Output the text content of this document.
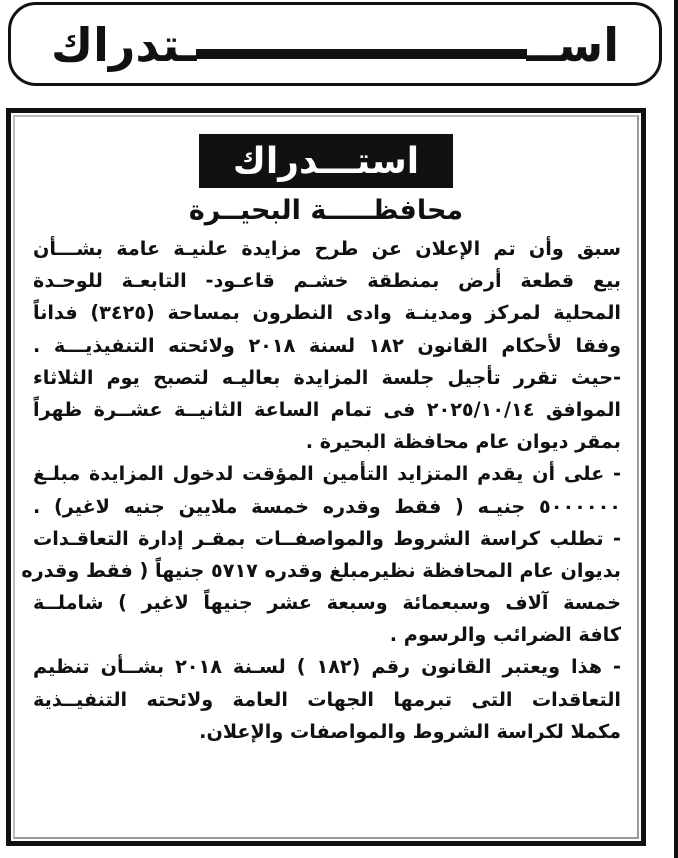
اســ
ـتدراك
استـــدراك
محافظـــــة البحيــرة
سبق وأن تم الإعلان عن طرح مزايدة علنيـة عامة بشـــأن
بيع قطعة أرض بمنطقة خشـم قاعـود- التابعـة للوحـدة
المحلية لمركز ومدينـة وادى النطرون بمساحة (٣٤٢٥) فداناً
وفقا لأحكام القانون ١٨٢ لسنة ٢٠١٨ ولائحته التنفيذيـــة .
-حيث تقرر تأجيل جلسة المزايدة بعاليـه لتصبح يوم الثلاثاء
الموافق ٢٠٢٥/١٠/١٤ فى تمام الساعة الثانيــة عشــرة ظهراً
بمقر ديوان عام محافظة البحيرة .
- على أن يقدم المتزايد التأمين المؤقت لدخول المزايدة مبلـغ
٥٠٠٠٠٠٠ جنيـه ( فقط وقدره خمسة ملايين جنيه لاغير) .
- تطلب كراسة الشروط والمواصفــات بمقـر إدارة التعاقـدات
بديوان عام المحافظة نظيرمبلغ وقدره ٥٧١٧ جنيهاً ( فقط وقدره
خمسة آلاف وسبعمائة وسبعة عشر جنيهاً لاغير ) شاملــة
كافة الضرائب والرسوم .
- هذا ويعتبر القانون رقم (١٨٢ ) لسـنة ٢٠١٨ بشــأن تنظيم
التعاقدات التى تبرمها الجهات العامة ولائحته التنفيــذية
مكملا لكراسة الشروط والمواصفات والإعلان.
